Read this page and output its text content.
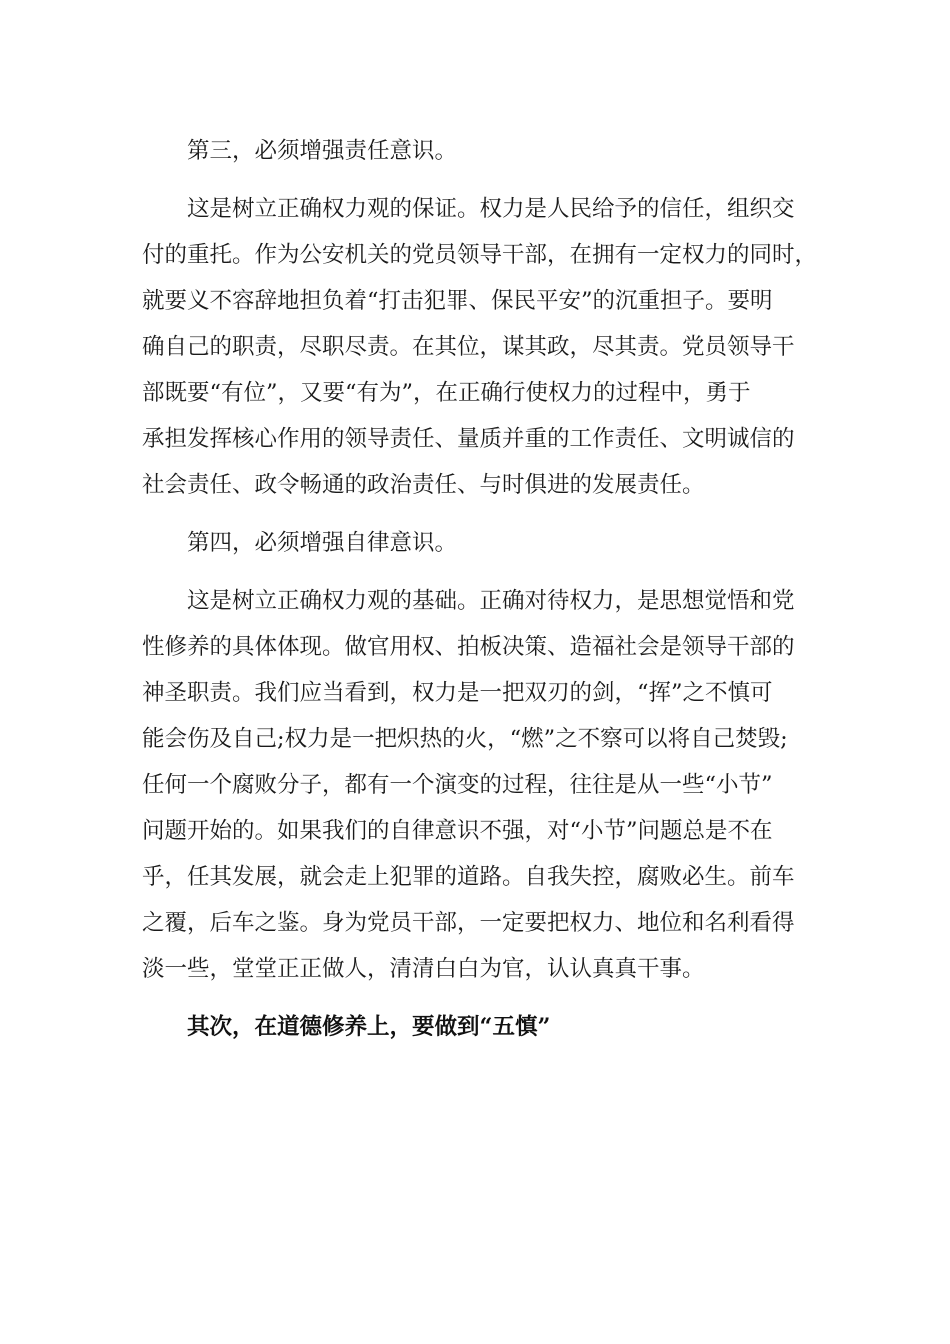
第三，必须增强责任意识。

这是树立正确权力观的保证。权力是人民给予的信任，组织交
付的重托。作为公安机关的党员领导干部，在拥有一定权力的同时，
就要义不容辞地担负着“打击犯罪、保民平安”的沉重担子。要明
确自己的职责，尽职尽责。在其位，谋其政，尽其责。党员领导干
部既要“有位”，又要“有为”，在正确行使权力的过程中，勇于
承担发挥核心作用的领导责任、量质并重的工作责任、文明诚信的
社会责任、政令畅通的政治责任、与时俱进的发展责任。

第四，必须增强自律意识。

这是树立正确权力观的基础。正确对待权力，是思想觉悟和党
性修养的具体体现。做官用权、拍板决策、造福社会是领导干部的
神圣职责。我们应当看到，权力是一把双刃的剑，“挥”之不慎可
能会伤及自己;权力是一把炽热的火，“燃”之不察可以将自己焚毁;
任何一个腐败分子，都有一个演变的过程，往往是从一些“小节”
问题开始的。如果我们的自律意识不强，对“小节”问题总是不在
乎，任其发展，就会走上犯罪的道路。自我失控，腐败必生。前车
之覆，后车之鉴。身为党员干部，一定要把权力、地位和名利看得
淡一些，堂堂正正做人，清清白白为官，认认真真干事。

其次，在道德修养上，要做到“五慎”
